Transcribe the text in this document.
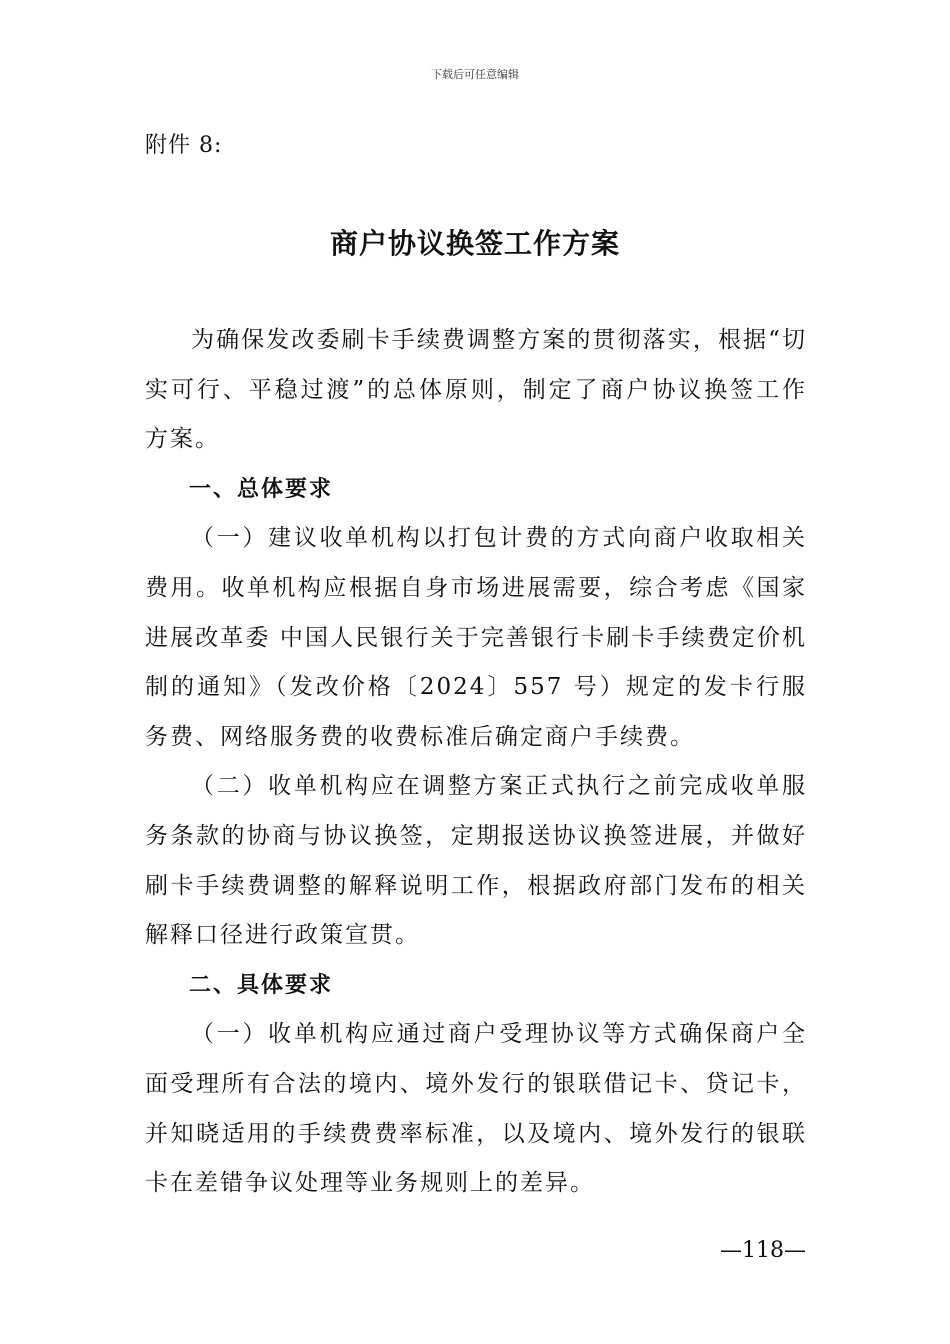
下载后可任意编辑
附件 8:
商户协议换签工作方案

为确保发改委刷卡手续费调整方案的贯彻落实，根据“切实可行、平稳过渡”的总体原则，制定了商户协议换签工作方案。

一、总体要求

（一）建议收单机构以打包计费的方式向商户收取相关费用。收单机构应根据自身市场进展需要，综合考虑《国家进展改革委 中国人民银行关于完善银行卡刷卡手续费定价机制的通知》（发改价格〔2024〕557 号）规定的发卡行服务费、网络服务费的收费标准后确定商户手续费。

（二）收单机构应在调整方案正式执行之前完成收单服务条款的协商与协议换签，定期报送协议换签进展，并做好刷卡手续费调整的解释说明工作，根据政府部门发布的相关解释口径进行政策宣贯。

二、具体要求

（一）收单机构应通过商户受理协议等方式确保商户全面受理所有合法的境内、境外发行的银联借记卡、贷记卡，并知晓适用的手续费费率标准，以及境内、境外发行的银联卡在差错争议处理等业务规则上的差异。

—118—
